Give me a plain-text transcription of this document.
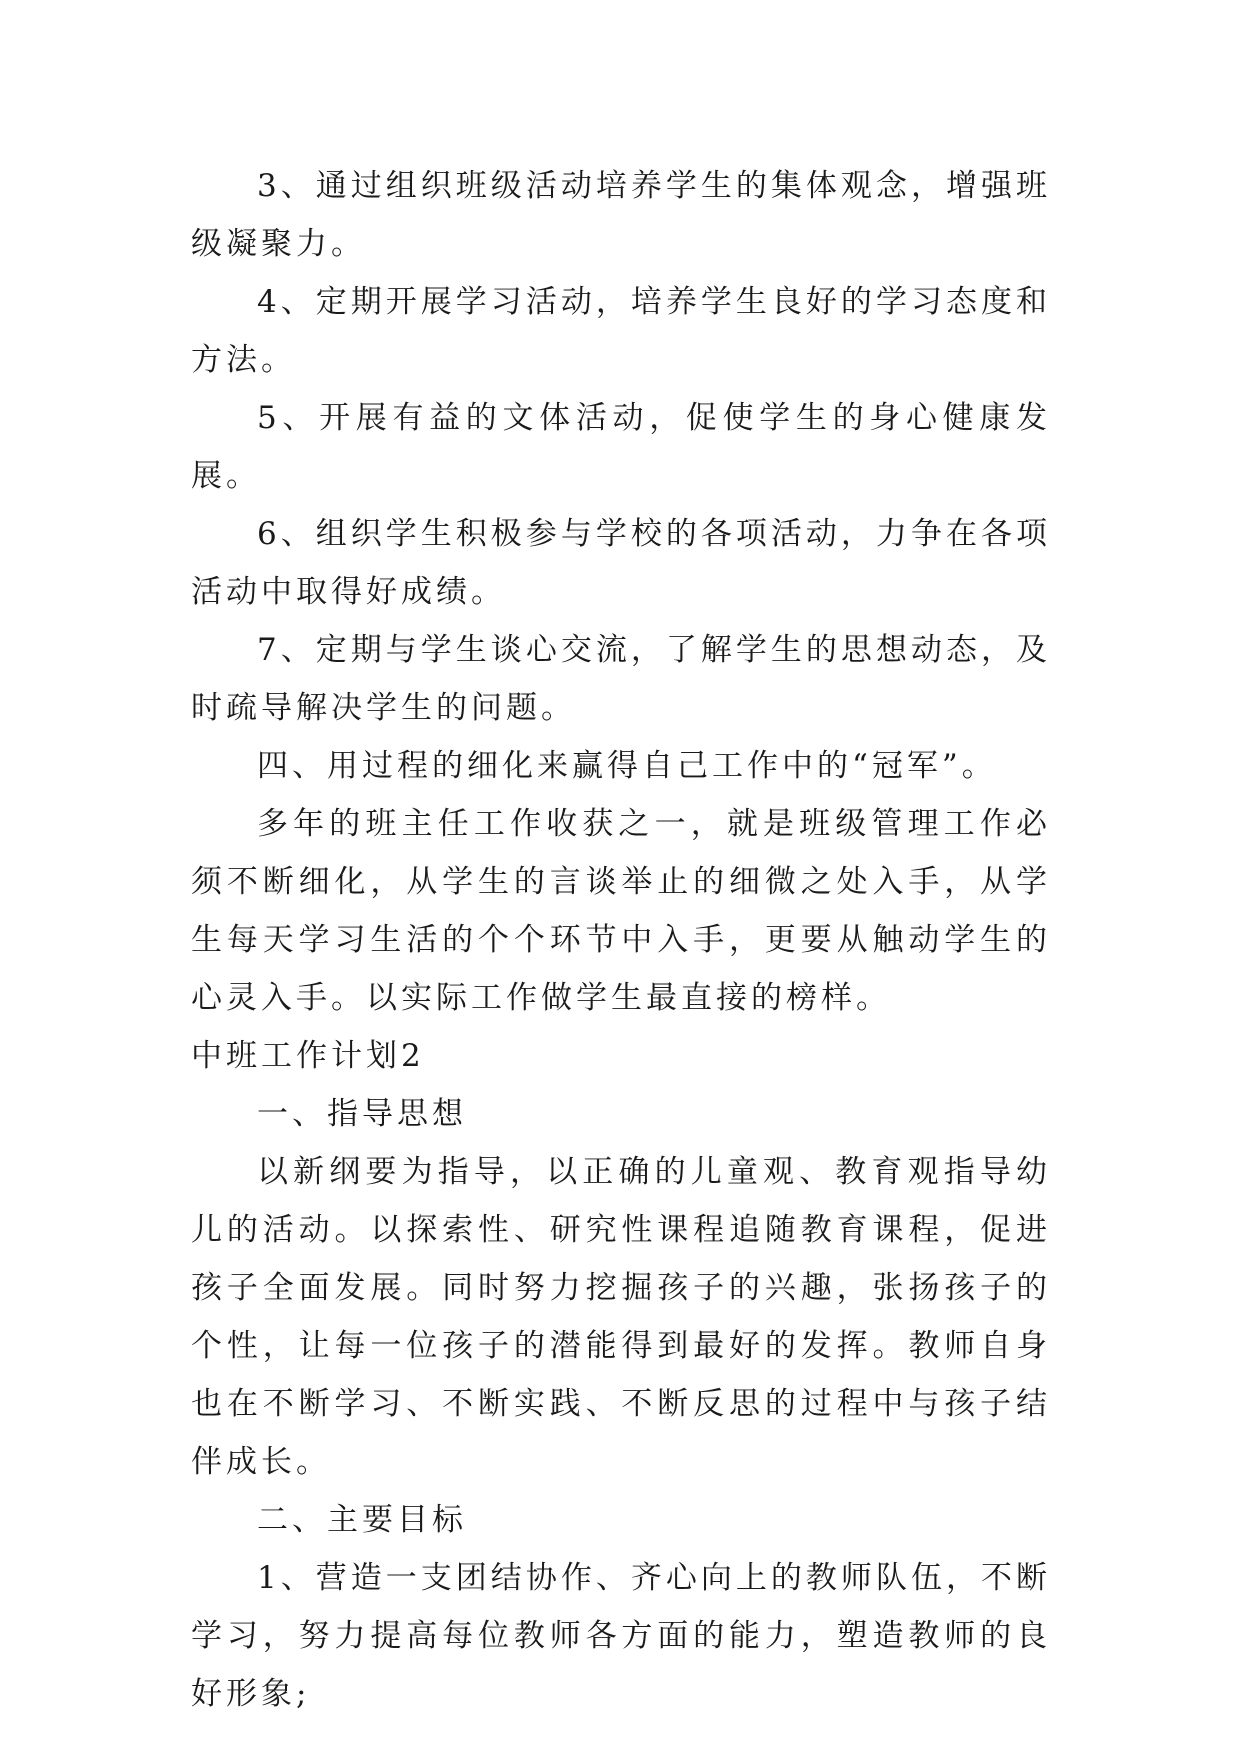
3、通过组织班级活动培养学生的集体观念，增强班级凝聚力。

4、定期开展学习活动，培养学生良好的学习态度和方法。

5、开展有益的文体活动，促使学生的身心健康发展。

6、组织学生积极参与学校的各项活动，力争在各项活动中取得好成绩。

7、定期与学生谈心交流，了解学生的思想动态，及时疏导解决学生的问题。

四、用过程的细化来赢得自己工作中的“冠军”。

多年的班主任工作收获之一，就是班级管理工作必须不断细化，从学生的言谈举止的细微之处入手，从学生每天学习生活的个个环节中入手，更要从触动学生的心灵入手。以实际工作做学生最直接的榜样。

中班工作计划2

一、指导思想

以新纲要为指导，以正确的儿童观、教育观指导幼儿的活动。以探索性、研究性课程追随教育课程，促进孩子全面发展。同时努力挖掘孩子的兴趣，张扬孩子的个性，让每一位孩子的潜能得到最好的发挥。教师自身也在不断学习、不断实践、不断反思的过程中与孩子结伴成长。

二、主要目标

1、营造一支团结协作、齐心向上的教师队伍，不断学习，努力提高每位教师各方面的能力，塑造教师的良好形象;
